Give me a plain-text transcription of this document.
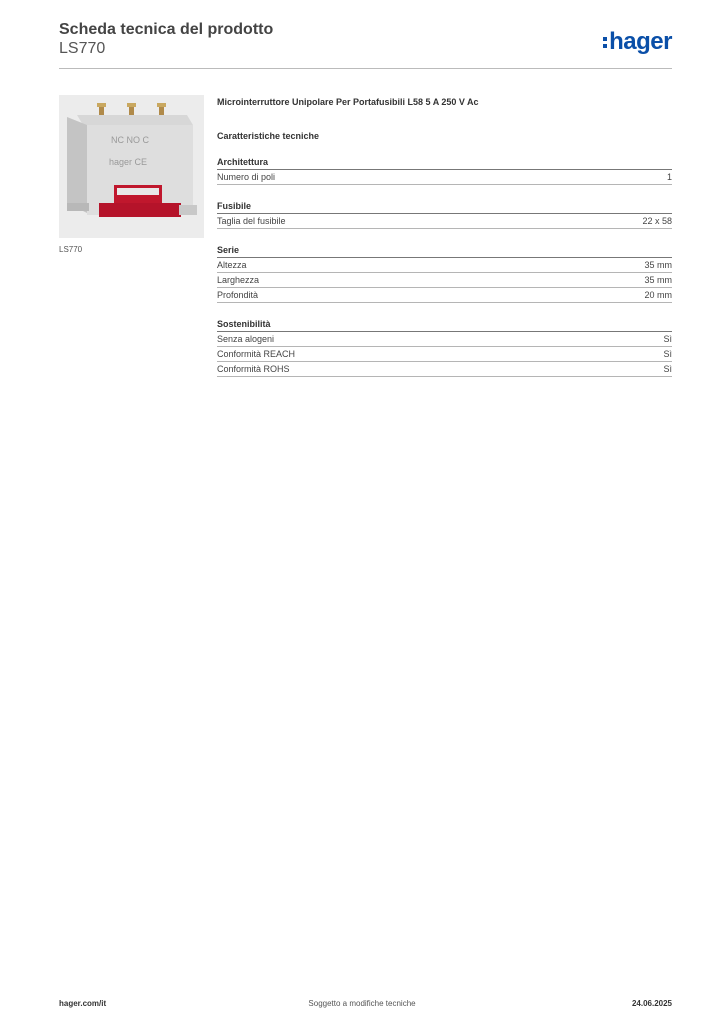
Scheda tecnica del prodotto
LS770	hager
NC NO C
hager CE
LS770
Microinterruttore Unipolare Per Portafusibili L58 5 A 250 V Ac
Caratteristiche tecniche
Architettura
Numero di poli	1
Fusibile
Taglia del fusibile	22 x 58
Serie
Altezza	35 mm
Larghezza	35 mm
Profondità	20 mm
Sostenibilità
Senza alogeni	Sì
Conformità REACH	Sì
Conformità ROHS	Sì
hager.com/it	Soggetto a modifiche tecniche	24.06.2025
